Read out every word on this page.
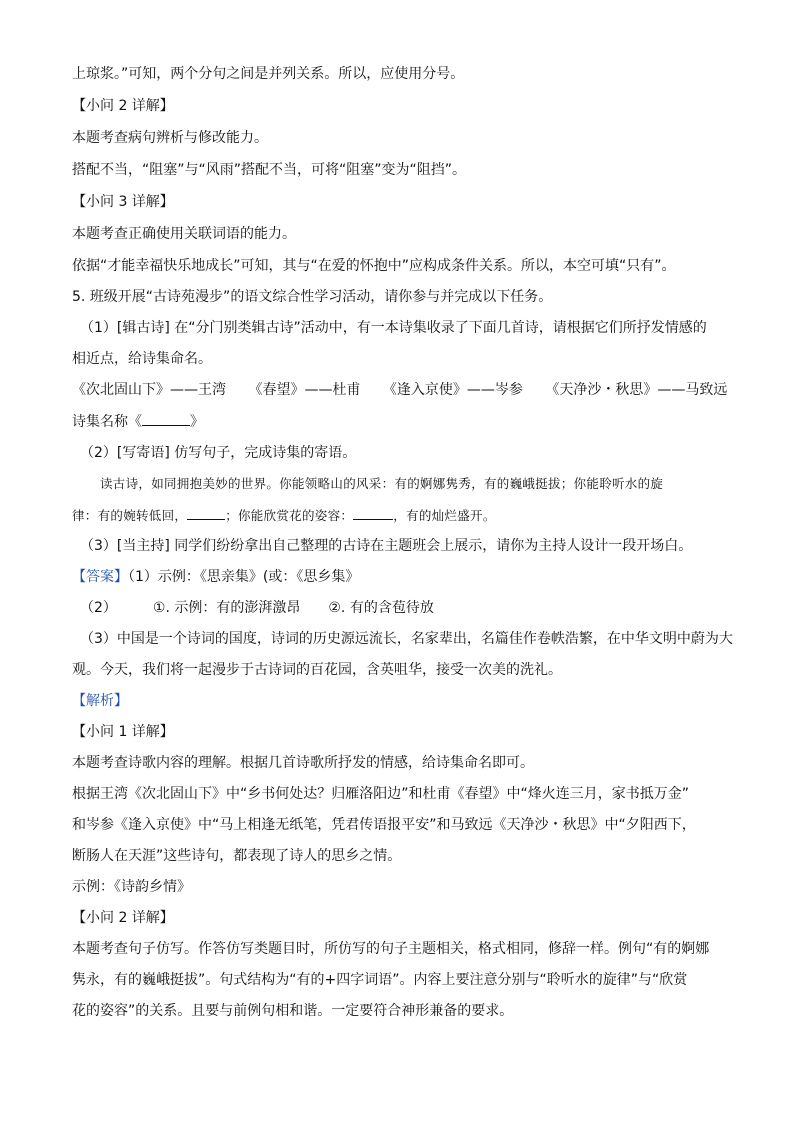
上琼浆。”可知，两个分句之间是并列关系。所以，应使用分号。
【小问 2 详解】
本题考查病句辨析与修改能力。
搭配不当，“阻塞”与“风雨”搭配不当，可将“阻塞”变为“阻挡”。
【小问 3 详解】
本题考查正确使用关联词语的能力。
依据“才能幸福快乐地成长”可知，其与“在爱的怀抱中”应构成条件关系。所以，本空可填“只有”。
5. 班级开展“古诗苑漫步”的语文综合性学习活动，请你参与并完成以下任务。
（1）[辑古诗] 在“分门别类辑古诗”活动中，有一本诗集收录了下面几首诗，请根据它们所抒发情感的
相近点，给诗集命名。
《次北固山下》——王湾 《春望》——杜甫 《逢入京使》——岑参 《天净沙・秋思》——马致远
诗集名称《	》
（2）[写寄语] 仿写句子，完成诗集的寄语。
读古诗，如同拥抱美妙的世界。你能领略山的风采：有的婀娜隽秀，有的巍峨挺拔；你能聆听水的旋
律：有的婉转低回，	；你能欣赏花的姿容：	，有的灿烂盛开。
（3）[当主持] 同学们纷纷拿出自己整理的古诗在主题班会上展示，请你为主持人设计一段开场白。
【答案】（1）示例：《思亲集》(或：《思乡集》
（2）	①. 示例：有的澎湃激昂 ②. 有的含苞待放
（3）中国是一个诗词的国度，诗词的历史源远流长，名家辈出，名篇佳作卷帙浩繁，在中华文明中蔚为大
观。今天，我们将一起漫步于古诗词的百花园，含英咀华，接受一次美的洗礼。
【解析】
【小问 1 详解】
本题考查诗歌内容的理解。根据几首诗歌所抒发的情感，给诗集命名即可。
根据王湾《次北固山下》中“乡书何处达？归雁洛阳边”和杜甫《春望》中“烽火连三月，家书抵万金”
和岑参《逢入京使》中“马上相逢无纸笔，凭君传语报平安”和马致远《天净沙・秋思》中“夕阳西下，
断肠人在天涯”这些诗句，都表现了诗人的思乡之情。
示例：《诗韵乡情》
【小问 2 详解】
本题考查句子仿写。作答仿写类题目时，所仿写的句子主题相关，格式相同，修辞一样。例句“有的婀娜
隽永，有的巍峨挺拔”。句式结构为“有的+四字词语”。内容上要注意分别与“聆听水的旋律”与“欣赏
花的姿容”的关系。且要与前例句相和谐。一定要符合神形兼备的要求。
